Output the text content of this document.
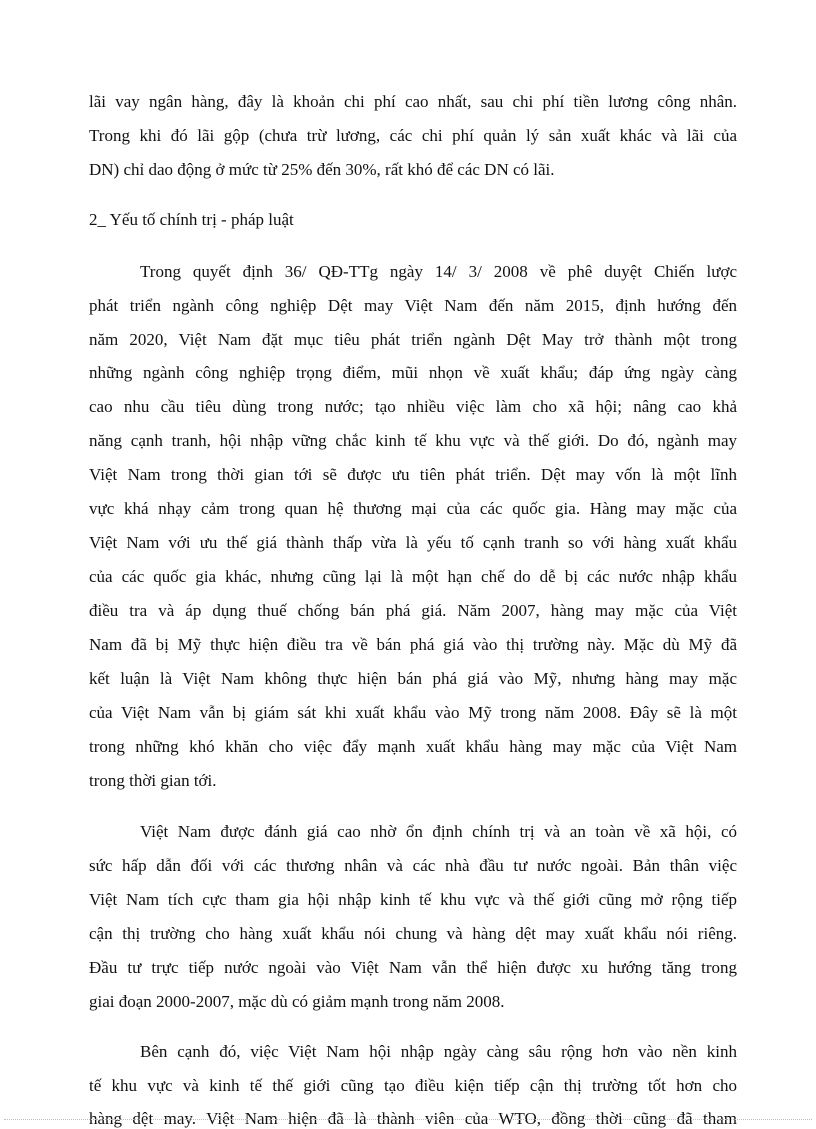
lãi vay ngân hàng, đây là khoản chi phí cao nhất, sau chi phí tiền lương công nhân.
Trong khi đó lãi gộp (chưa trừ lương, các chi phí quản lý sản xuất khác và lãi của
DN) chỉ dao động ở mức từ 25% đến 30%, rất khó để các DN có lãi.
2_ Yếu tố chính trị - pháp luật
Trong quyết định 36/ QĐ-TTg ngày 14/ 3/ 2008 về phê duyệt Chiến lược
phát triển ngành công nghiệp Dệt may Việt Nam đến năm 2015, định hướng đến
năm 2020, Việt Nam đặt mục tiêu phát triển ngành Dệt May trở thành một trong
những ngành công nghiệp trọng điểm, mũi nhọn về xuất khẩu; đáp ứng ngày càng
cao nhu cầu tiêu dùng trong nước; tạo nhiều việc làm cho xã hội; nâng cao khả
năng cạnh tranh, hội nhập vững chắc kinh tế khu vực và thế giới. Do đó, ngành may
Việt Nam trong thời gian tới sẽ được ưu tiên phát triển. Dệt may vốn là một lĩnh
vực khá nhạy cảm trong quan hệ thương mại của các quốc gia. Hàng may mặc của
Việt Nam với ưu thế giá thành thấp vừa là yếu tố cạnh tranh so với hàng xuất khẩu
của các quốc gia khác, nhưng cũng lại là một hạn chế do dễ bị các nước nhập khẩu
điều tra và áp dụng thuế chống bán phá giá. Năm 2007, hàng may mặc của Việt
Nam đã bị Mỹ thực hiện điều tra về bán phá giá vào thị trường này. Mặc dù Mỹ đã
kết luận là Việt Nam không thực hiện bán phá giá vào Mỹ, nhưng hàng may mặc
của Việt Nam vẫn bị giám sát khi xuất khẩu vào Mỹ trong năm 2008. Đây sẽ là một
trong những khó khăn cho việc đẩy mạnh xuất khẩu hàng may mặc của Việt Nam
trong thời gian tới.
Việt Nam được đánh giá cao nhờ ổn định chính trị và an toàn về xã hội, có
sức hấp dẫn đối với các thương nhân và các nhà đầu tư nước ngoài. Bản thân việc
Việt Nam tích cực tham gia hội nhập kinh tế khu vực và thế giới cũng mở rộng tiếp
cận thị trường cho hàng xuất khẩu nói chung và hàng dệt may xuất khẩu nói riêng.
Đầu tư trực tiếp nước ngoài vào Việt Nam vẫn thể hiện được xu hướng tăng trong
giai đoạn 2000-2007, mặc dù có giảm mạnh trong năm 2008.
Bên cạnh đó, việc Việt Nam hội nhập ngày càng sâu rộng hơn vào nền kinh
tế khu vực và kinh tế thế giới cũng tạo điều kiện tiếp cận thị trường tốt hơn cho
hàng dệt may. Việt Nam hiện đã là thành viên của WTO, đồng thời cũng đã tham
